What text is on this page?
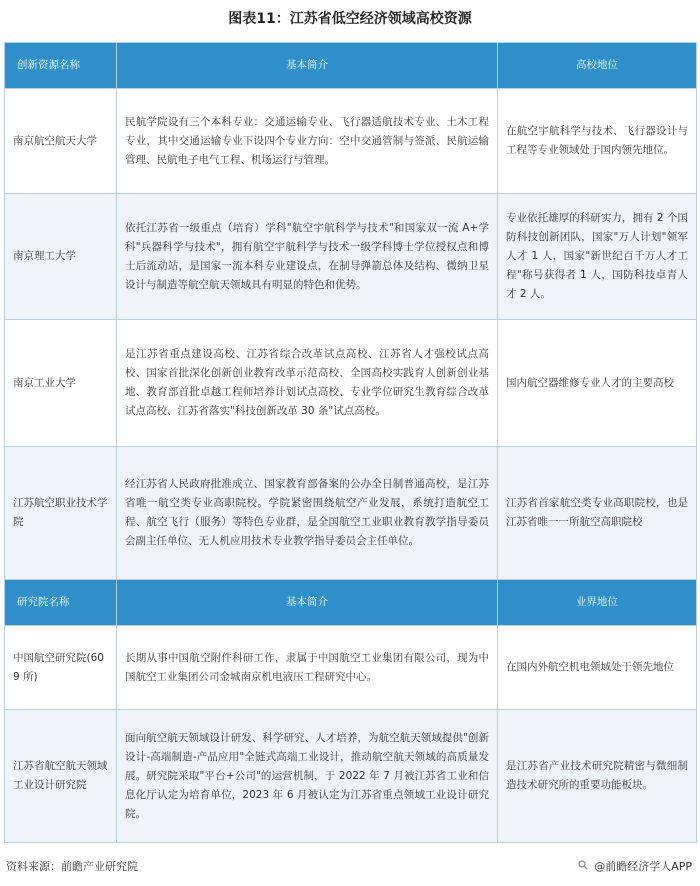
图表11：江苏省低空经济领域高校资源
创新资源名称	基本简介	高校地位
南京航空航天大学	民航学院设有三个本科专业：交通运输专业、飞行器适航技术专业、土木工程专业，其中交通运输专业下设四个专业方向：空中交通管制与签派、民航运输管理、民航电子电气工程、机场运行与管理。	在航空宇航科学与技术、飞行器设计与工程等专业领域处于国内领先地位。
南京理工大学	依托江苏省一级重点（培育）学科"航空宇航科学与技术"和国家双一流 A+学科"兵器科学与技术"，拥有航空宇航科学与技术一级学科博士学位授权点和博士后流动站，是国家一流本科专业建设点，在制导弹箭总体及结构、微纳卫星设计与制造等航空航天领域具有明显的特色和优势。	专业依托雄厚的科研实力，拥有 2 个国防科技创新团队，国家"万人计划"领军人才 1 人，国家"新世纪百千万人才工程"称号获得者 1 人，国防科技卓青人才 2 人。
南京工业大学	是江苏省重点建设高校、江苏省综合改革试点高校、江苏省人才强校试点高校、国家首批深化创新创业教育改革示范高校、全国高校实践育人创新创业基地、教育部首批卓越工程师培养计划试点高校、专业学位研究生教育综合改革试点高校、江苏省落实"科技创新改革 30 条"试点高校。	国内航空器维修专业人才的主要高校
江苏航空职业技术学院	经江苏省人民政府批准成立、国家教育部备案的公办全日制普通高校，是江苏省唯一航空类专业高职院校。学院紧密围绕航空产业发展，系统打造航空工程、航空飞行（服务）等特色专业群，是全国航空工业职业教育教学指导委员会副主任单位、无人机应用技术专业教学指导委员会主任单位。	江苏省首家航空类专业高职院校，也是江苏省唯一一所航空高职院校
研究院名称	基本简介	业界地位
中国航空研究院(609 所)	长期从事中国航空附件科研工作，隶属于中国航空工业集团有限公司，现为中国航空工业集团公司金城南京机电液压工程研究中心。	在国内外航空机电领域处于领先地位
江苏省航空航天领域工业设计研究院	面向航空航天领域设计研发、科学研究、人才培养，为航空航天领域提供"创新设计-高端制造-产品应用"全链式高端工业设计，推动航空航天领域的高质量发展。研究院采取"平台+公司"的运营机制，于 2022 年 7 月被江苏省工业和信息化厅认定为培育单位，2023 年 6 月被认定为江苏省重点领域工业设计研究院。	是江苏省产业技术研究院精密与微细制造技术研究所的重要功能板块。
资料来源：前瞻产业研究院	@前瞻经济学人APP
